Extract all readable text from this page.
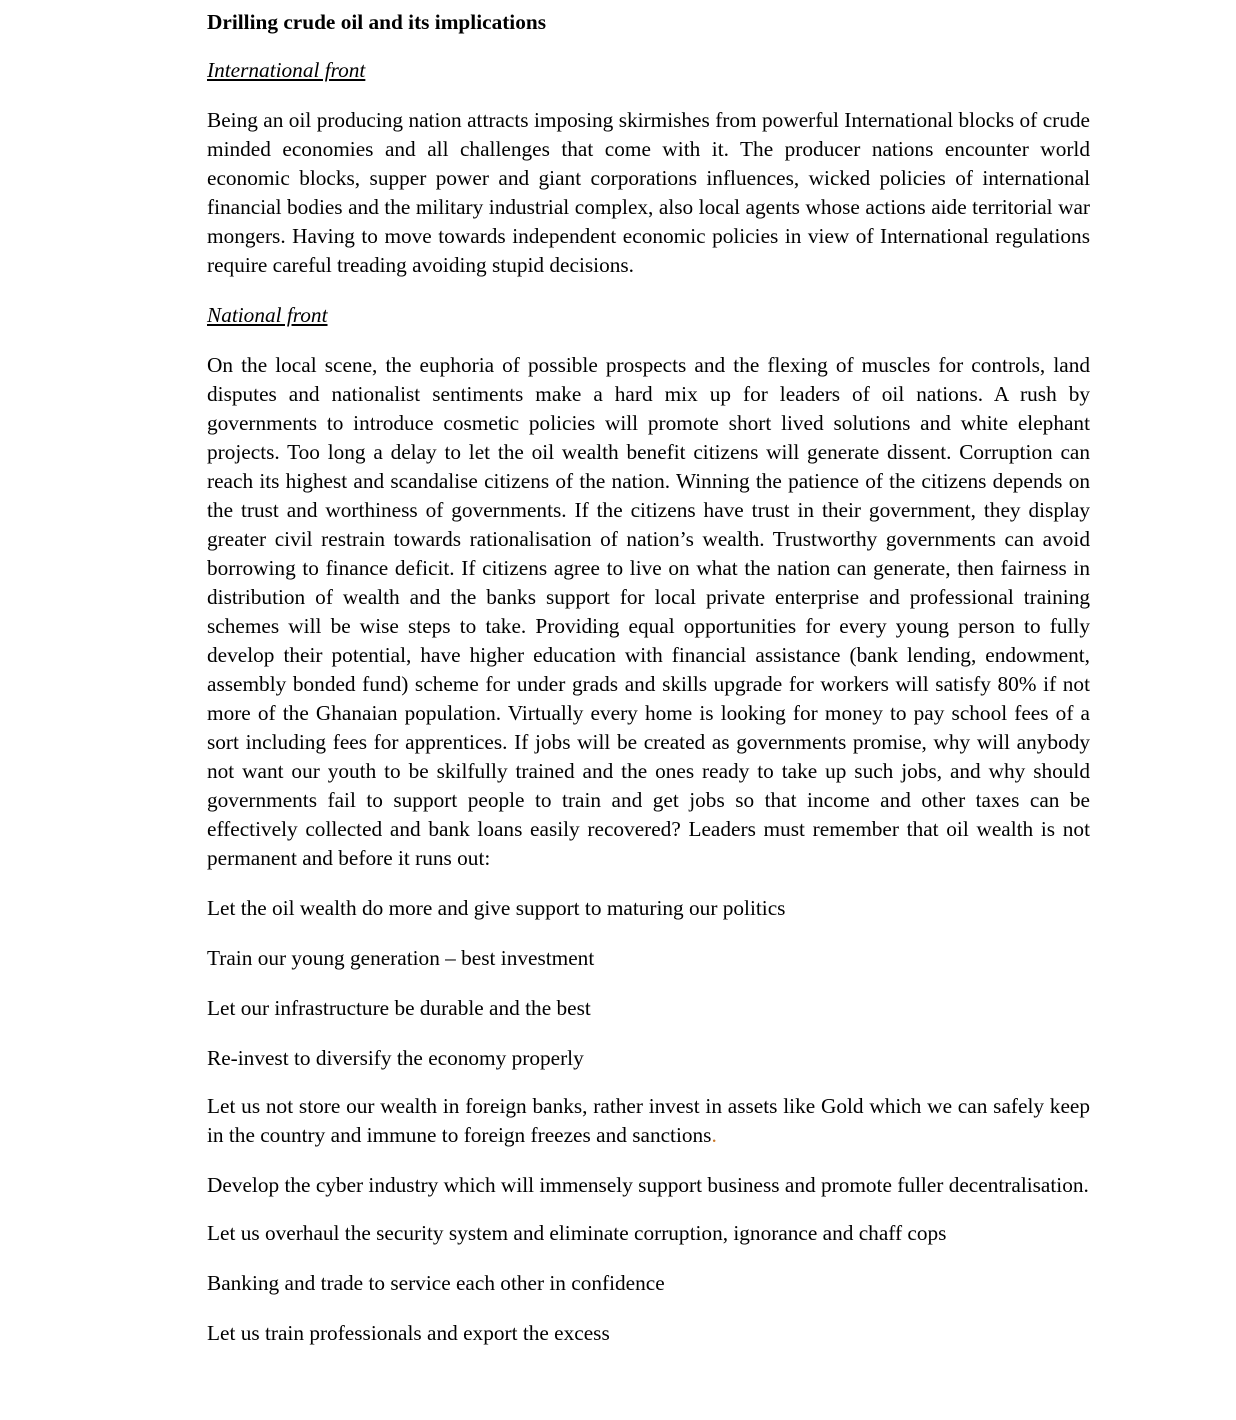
Drilling crude oil and its implications
International front

Being an oil producing nation attracts imposing skirmishes from powerful International blocks of crude minded economies and all challenges that come with it. The producer nations encounter world economic blocks, supper power and giant corporations influences, wicked policies of international financial bodies and the military industrial complex, also local agents whose actions aide territorial war mongers. Having to move towards independent economic policies in view of International regulations require careful treading avoiding stupid decisions.

National front

On the local scene, the euphoria of possible prospects and the flexing of muscles for controls, land disputes and nationalist sentiments make a hard mix up for leaders of oil nations. A rush by governments to introduce cosmetic policies will promote short lived solutions and white elephant projects. Too long a delay to let the oil wealth benefit citizens will generate dissent. Corruption can reach its highest and scandalise citizens of the nation. Winning the patience of the citizens depends on the trust and worthiness of governments. If the citizens have trust in their government, they display greater civil restrain towards rationalisation of nation’s wealth. Trustworthy governments can avoid borrowing to finance deficit. If citizens agree to live on what the nation can generate, then fairness in distribution of wealth and the banks support for local private enterprise and professional training schemes will be wise steps to take. Providing equal opportunities for every young person to fully develop their potential, have higher education with financial assistance (bank lending, endowment, assembly bonded fund) scheme for under grads and skills upgrade for workers will satisfy 80% if not more of the Ghanaian population. Virtually every home is looking for money to pay school fees of a sort including fees for apprentices. If jobs will be created as governments promise, why will anybody not want our youth to be skilfully trained and the ones ready to take up such jobs, and why should governments fail to support people to train and get jobs so that income and other taxes can be effectively collected and bank loans easily recovered? Leaders must remember that oil wealth is not permanent and before it runs out:

Let the oil wealth do more and give support to maturing our politics
Train our young generation – best investment
Let our infrastructure be durable and the best
Re-invest to diversify the economy properly
Let us not store our wealth in foreign banks, rather invest in assets like Gold which we can safely keep in the country and immune to foreign freezes and sanctions.
Develop the cyber industry which will immensely support business and promote fuller decentralisation.
Let us overhaul the security system and eliminate corruption, ignorance and chaff cops
Banking and trade to service each other in confidence
Let us train professionals and export the excess
